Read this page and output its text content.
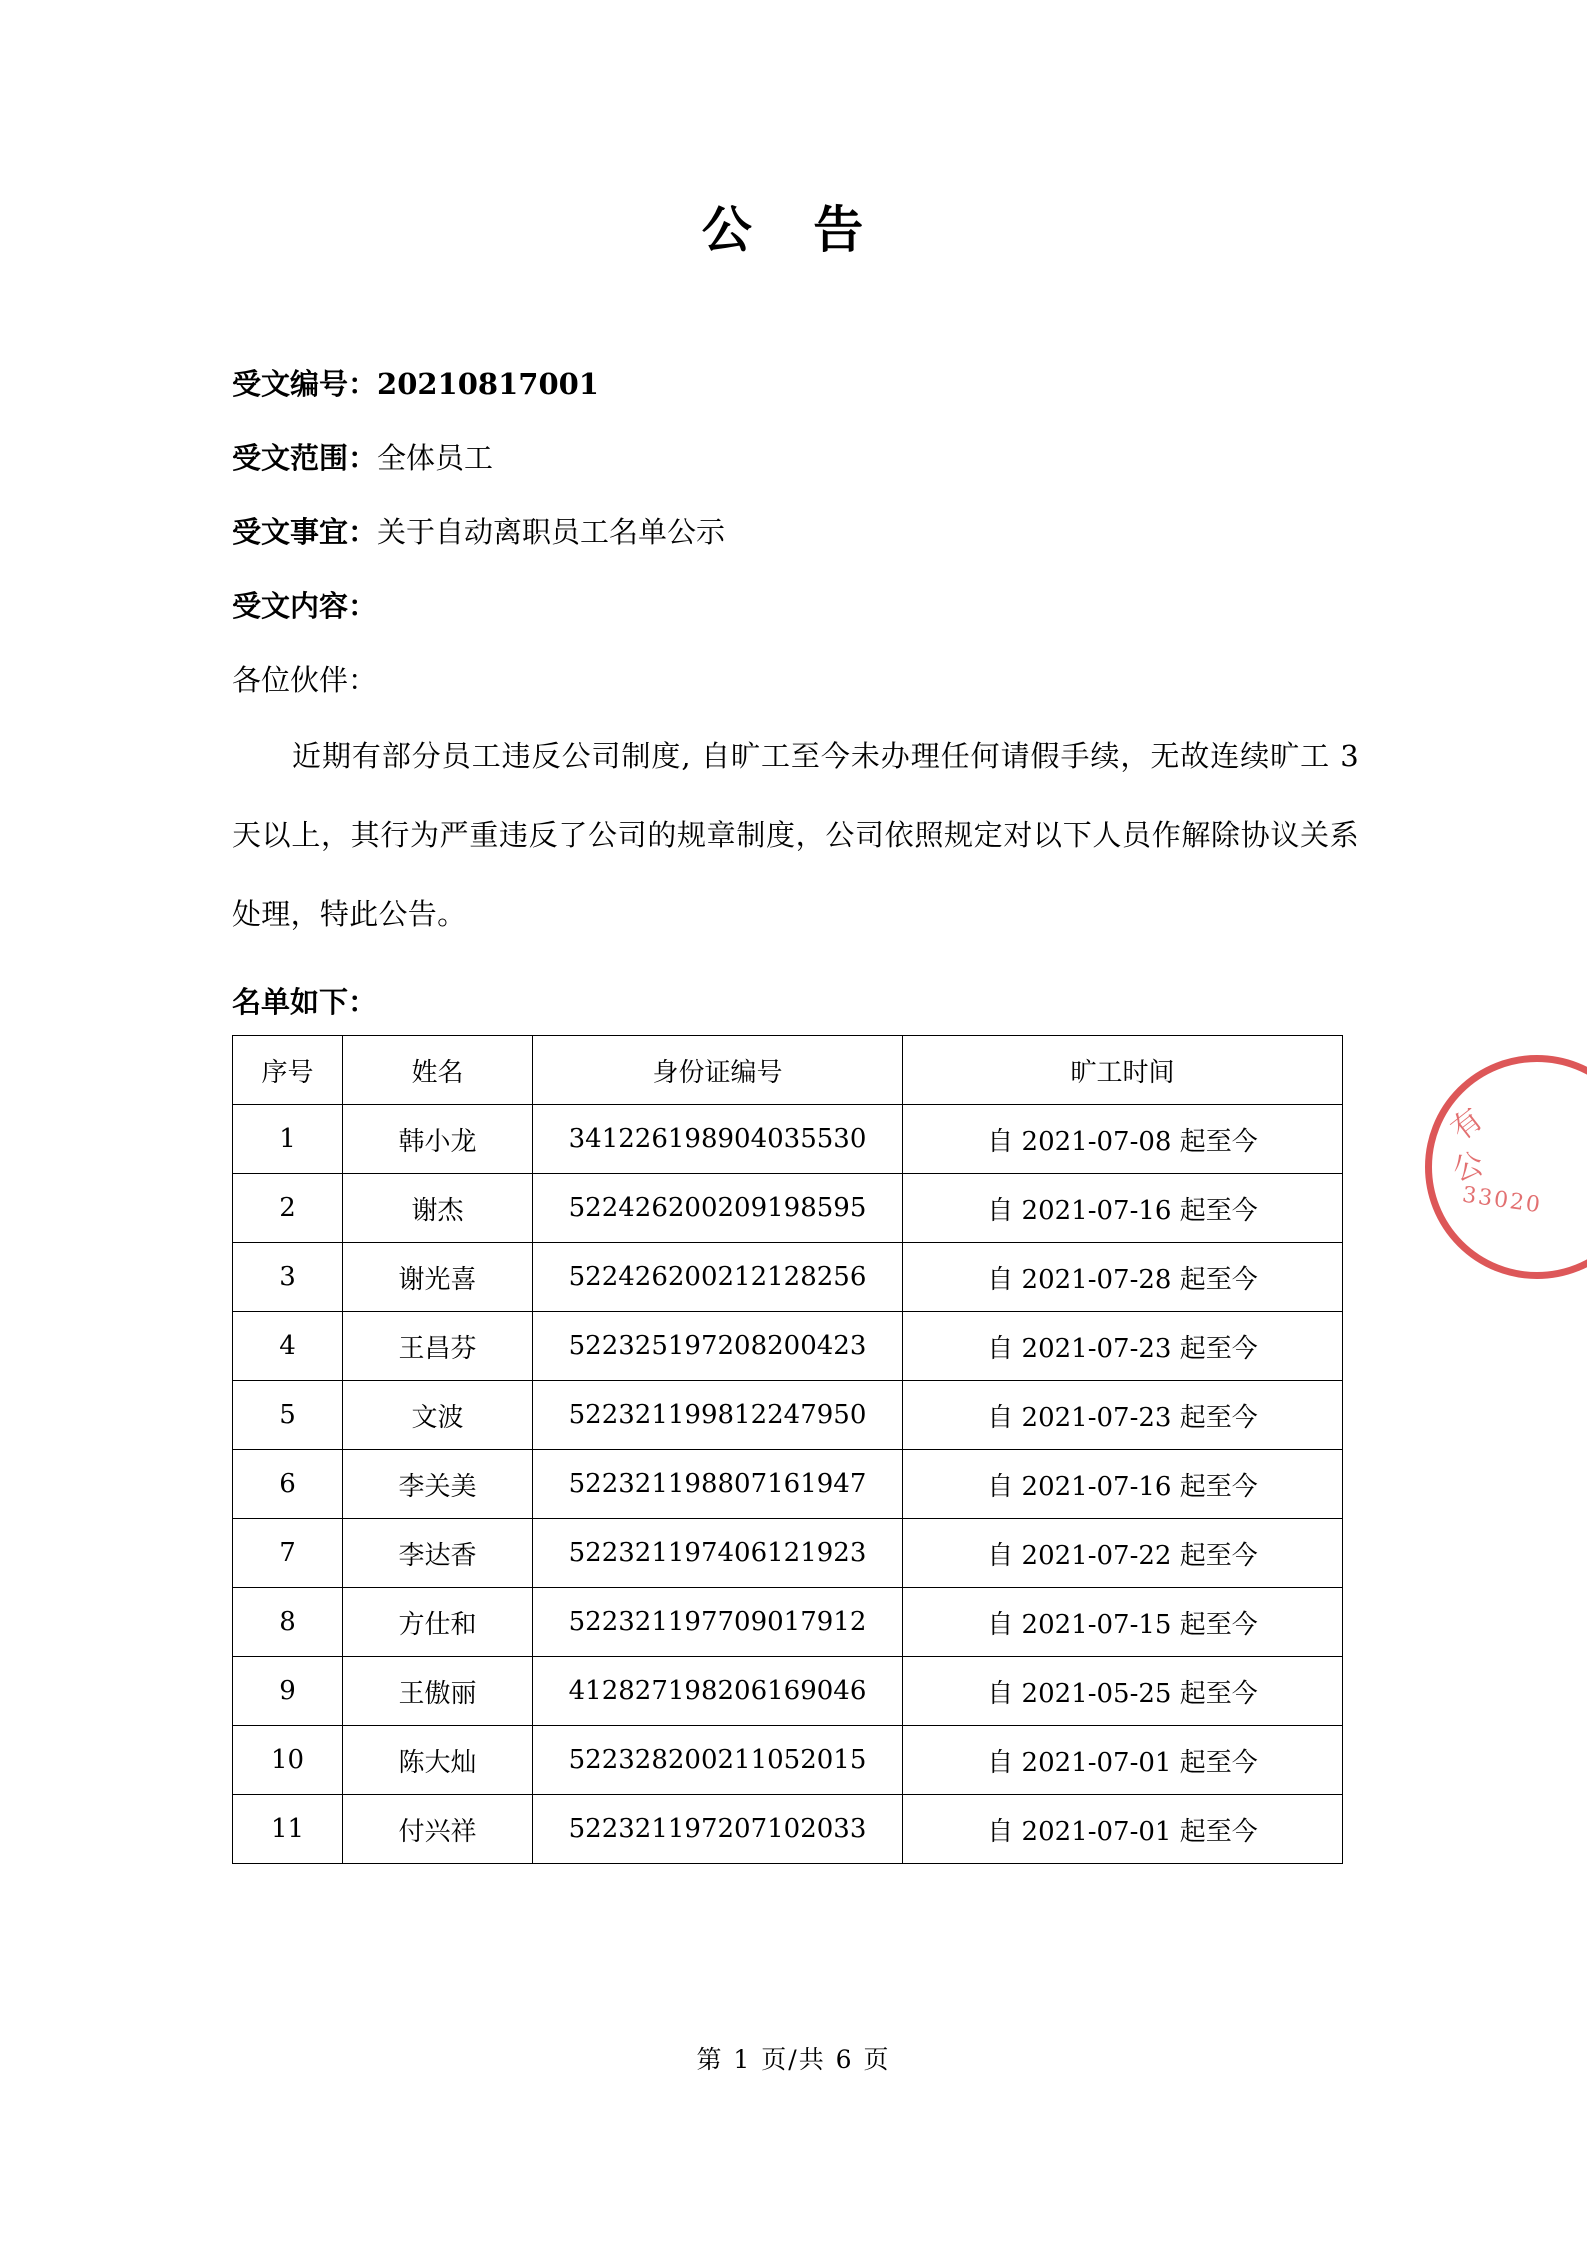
公 告
受文编号：20210817001
受文范围：全体员工
受文事宜：关于自动离职员工名单公示
受文内容：
各位伙伴：
近期有部分员工违反公司制度, 自旷工至今未办理任何请假手续，无故连续旷工 3 天以上，其行为严重违反了公司的规章制度，公司依照规定对以下人员作解除协议关系处理，特此公告。
名单如下：
序号	姓名	身份证编号	旷工时间
1	韩小龙	341226198904035530	自 2021-07-08 起至今
2	谢杰	522426200209198595	自 2021-07-16 起至今
3	谢光喜	522426200212128256	自 2021-07-28 起至今
4	王昌芬	522325197208200423	自 2021-07-23 起至今
5	文波	522321199812247950	自 2021-07-23 起至今
6	李关美	522321198807161947	自 2021-07-16 起至今
7	李达香	522321197406121923	自 2021-07-22 起至今
8	方仕和	522321197709017912	自 2021-07-15 起至今
9	王傲丽	412827198206169046	自 2021-05-25 起至今
10	陈大灿	522328200211052015	自 2021-07-01 起至今
11	付兴祥	522321197207102033	自 2021-07-01 起至今
第 1 页/共 6 页
有
公
33020
